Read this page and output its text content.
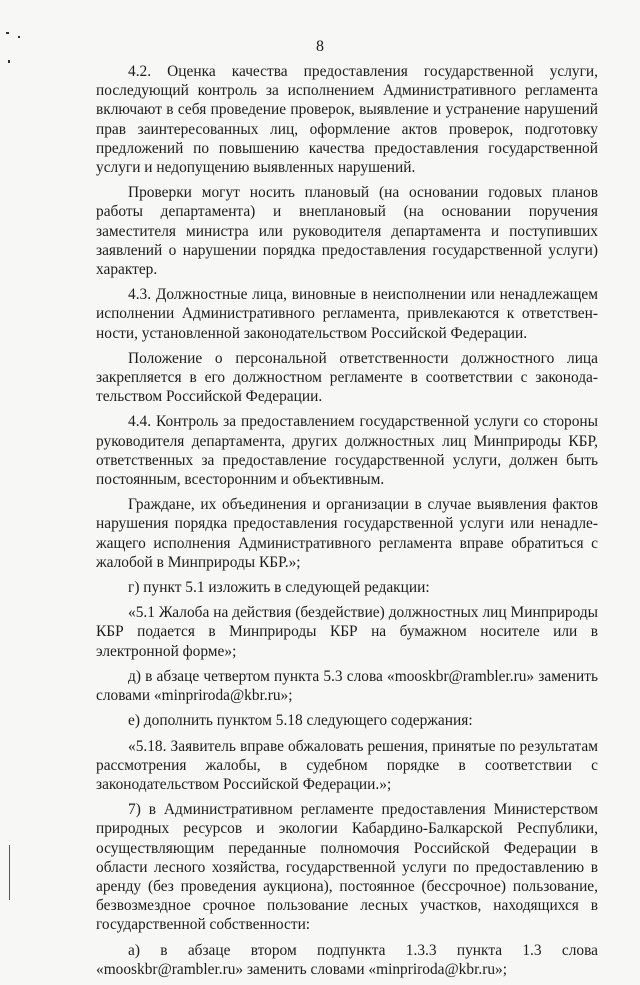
8

4.2. Оценка качества предоставления государственной услуги, последующий контроль за исполнением Административного регламента включают в себя проведение проверок, выявление и устранение нарушений прав заинтересованных лиц, оформление актов проверок, подготовку предложений по повышению качества предоставления государственной услуги и недопущению выявленных нарушений.

Проверки могут носить плановый (на основании годовых планов работы департамента) и внеплановый (на основании поручения заместителя министра или руководителя департамента и поступивших заявлений о нарушении порядка предоставления государственной услуги) характер.

4.3. Должностные лица, виновные в неисполнении или ненадлежащем исполнении Административного регламента, привлекаются к ответственности, установленной законодательством Российской Федерации.

Положение о персональной ответственности должностного лица закрепляется в его должностном регламенте в соответствии с законодательством Российской Федерации.

4.4. Контроль за предоставлением государственной услуги со стороны руководителя департамента, других должностных лиц Минприроды КБР, ответственных за предоставление государственной услуги, должен быть постоянным, всесторонним и объективным.

Граждане, их объединения и организации в случае выявления фактов нарушения порядка предоставления государственной услуги или ненадлежащего исполнения Административного регламента вправе обратиться с жалобой в Минприроды КБР.»;

г) пункт 5.1 изложить в следующей редакции:

«5.1 Жалоба на действия (бездействие) должностных лиц Минприроды КБР подается в Минприроды КБР на бумажном носителе или в электронной форме»;

д) в абзаце четвертом пункта 5.3 слова «mooskbr@rambler.ru» заменить словами «minpriroda@kbr.ru»;

е) дополнить пунктом 5.18 следующего содержания:

«5.18. Заявитель вправе обжаловать решения, принятые по результатам рассмотрения жалобы, в судебном порядке в соответствии с законодательством Российской Федерации.»;

7) в Административном регламенте предоставления Министерством природных ресурсов и экологии Кабардино-Балкарской Республики, осуществляющим переданные полномочия Российской Федерации в области лесного хозяйства, государственной услуги по предоставлению в аренду (без проведения аукциона), постоянное (бессрочное) пользование, безвозмездное срочное пользование лесных участков, находящихся в государственной собственности:

а) в абзаце втором подпункта 1.3.3 пункта 1.3 слова «mooskbr@rambler.ru» заменить словами «minpriroda@kbr.ru»;
